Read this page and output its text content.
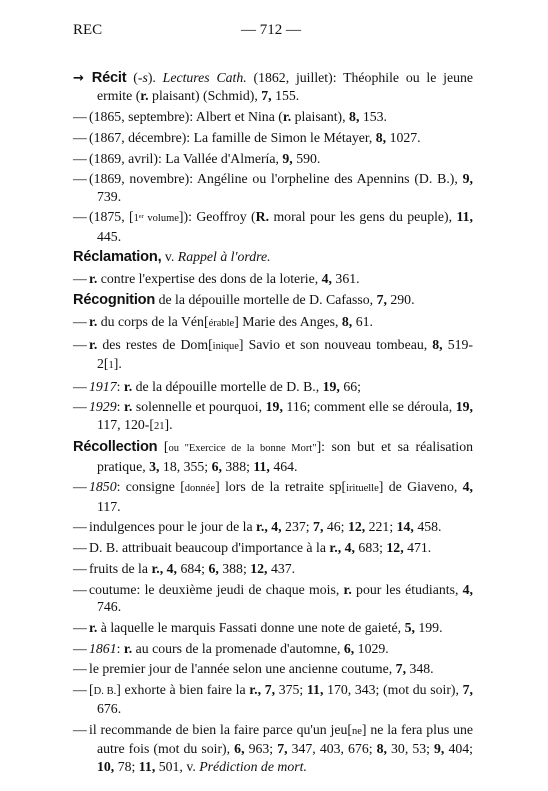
REC	— 712 —
→ Récit (-s). Lectures Cath. (1862, juillet): Théophile ou le jeune ermite (r. plaisant) (Schmid), 7, 155.
—(1865, septembre): Albert et Nina (r. plaisant), 8, 153.
—(1867, décembre): La famille de Simon le Métayer, 8, 1027.
—(1869, avril): La Vallée d'Almería, 9, 590.
—(1869, novembre): Angéline ou l'orpheline des Apennins (D. B.), 9, 739.
—(1875, [1ᵉʳ volume]): Geoffroy (R. moral pour les gens du peuple), 11, 445.
Réclamation, v. Rappel à l'ordre.
—r. contre l'expertise des dons de la loterie, 4, 361.
Récognition de la dépouille mortelle de D. Cafasso, 7, 290.
—r. du corps de la Vén[érable] Marie des Anges, 8, 61.
—r. des restes de Dom[inique] Savio et son nouveau tombeau, 8, 519-2[1].
—1917: r. de la dépouille mortelle de D. B., 19, 66;
—1929: r. solennelle et pourquoi, 19, 116; comment elle se déroula, 19, 117, 120-[21].
Récollection [ou "Exercice de la bonne Mort"]: son but et sa réalisation pratique, 3, 18, 355; 6, 388; 11, 464.
—1850: consigne [donnée] lors de la retraite sp[irituelle] de Giaveno, 4, 117.
—indulgences pour le jour de la r., 4, 237; 7, 46; 12, 221; 14, 458.
—D. B. attribuait beaucoup d'importance à la r., 4, 683; 12, 471.
—fruits de la r., 4, 684; 6, 388; 12, 437.
—coutume: le deuxième jeudi de chaque mois, r. pour les étudiants, 4, 746.
—r. à laquelle le marquis Fassati donne une note de gaieté, 5, 199.
—1861: r. au cours de la promenade d'automne, 6, 1029.
—le premier jour de l'année selon une ancienne coutume, 7, 348.
—[D. B.] exhorte à bien faire la r., 7, 375; 11, 170, 343; (mot du soir), 7, 676.
—il recommande de bien la faire parce qu'un jeu[ne] ne la fera plus une autre fois (mot du soir), 6, 963; 7, 347, 403, 676; 8, 30, 53; 9, 404; 10, 78; 11, 501, v. Prédiction de mort.
